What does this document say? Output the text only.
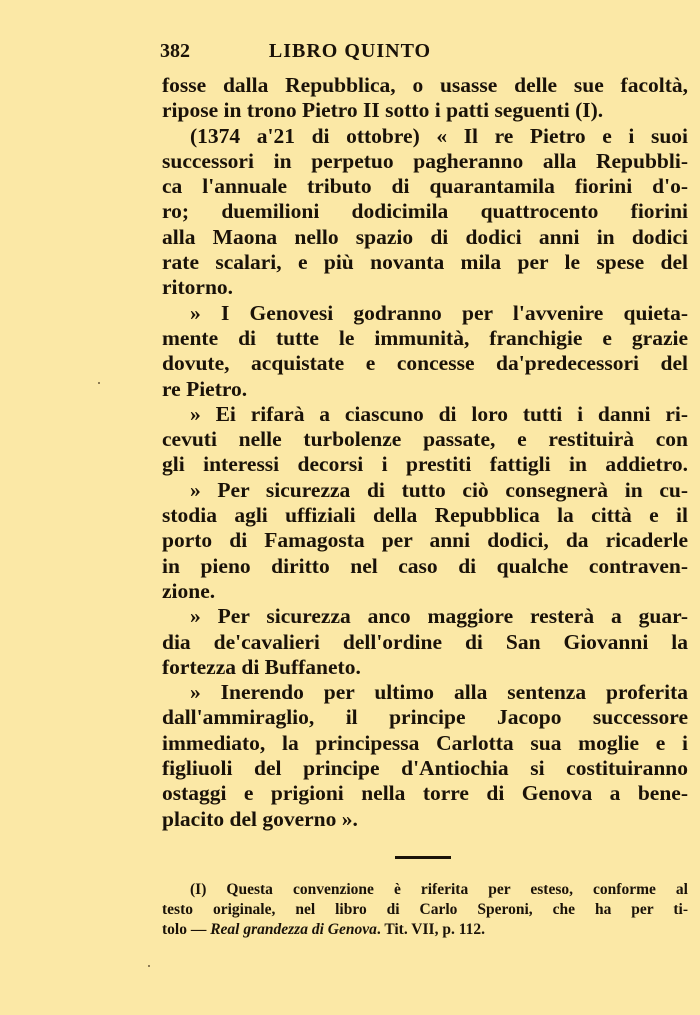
382	LIBRO QUINTO
fosse dalla Repubblica, o usasse delle sue facoltà,
ripose in trono Pietro II sotto i patti seguenti (I).
(1374 a'21 di ottobre) « Il re Pietro e i suoi
successori in perpetuo pagheranno alla Repubbli-
ca l'annuale tributo di quarantamila fiorini d'o-
ro; duemilioni dodicimila quattrocento fiorini
alla Maona nello spazio di dodici anni in dodici
rate scalari, e più novanta mila per le spese del
ritorno.
» I Genovesi godranno per l'avvenire quieta-
mente di tutte le immunità, franchigie e grazie
dovute, acquistate e concesse da'predecessori del
re Pietro.
» Ei rifarà a ciascuno di loro tutti i danni ri-
cevuti nelle turbolenze passate, e restituirà con
gli interessi decorsi i prestiti fattigli in addietro.
» Per sicurezza di tutto ciò consegnerà in cu-
stodia agli uffiziali della Repubblica la città e il
porto di Famagosta per anni dodici, da ricaderle
in pieno diritto nel caso di qualche contraven-
zione.
» Per sicurezza anco maggiore resterà a guar-
dia de'cavalieri dell'ordine di San Giovanni la
fortezza di Buffaneto.
» Inerendo per ultimo alla sentenza proferita
dall'ammiraglio, il principe Jacopo successore
immediato, la principessa Carlotta sua moglie e i
figliuoli del principe d'Antiochia si costituiranno
ostaggi e prigioni nella torre di Genova a bene-
placito del governo ».
(I) Questa convenzione è riferita per esteso, conforme al
testo originale, nel libro di Carlo Speroni, che ha per ti-
tolo — Real grandezza di Genova. Tit. VII, p. 112.
